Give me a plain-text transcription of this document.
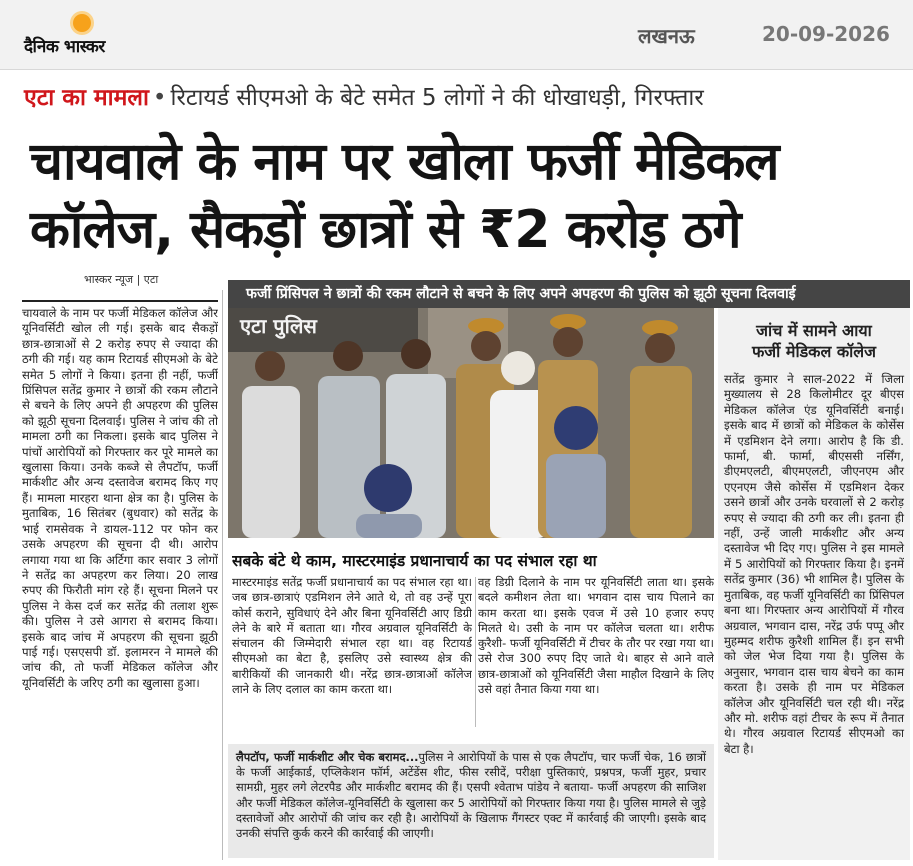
दैनिक भास्कर	लखनऊ	20-09-2026
एटा का मामला • रिटायर्ड सीएमओ के बेटे समेत 5 लोगों ने की धोखाधड़ी, गिरफ्तार
चायवाले के नाम पर खोला फर्जी मेडिकल
कॉलेज, सैकड़ों छात्रों से ₹2 करोड़ ठगे
भास्कर न्यूज | एटा

चायवाले के नाम पर फर्जी मेडिकल कॉलेज और यूनिवर्सिटी खोल ली गई। इसके बाद सैकड़ों छात्र-छात्राओं से 2 करोड़ रुपए से ज्यादा की ठगी की गई। यह काम रिटायर्ड सीएमओ के बेटे समेत 5 लोगों ने किया। इतना ही नहीं, फर्जी प्रिंसिपल सतेंद्र कुमार ने छात्रों की रकम लौटाने से बचने के लिए अपने ही अपहरण की पुलिस को झूठी सूचना दिलवाई। पुलिस ने जांच की तो मामला ठगी का निकला। इसके बाद पुलिस ने पांचों आरोपियों को गिरफ्तार कर पूरे मामले का खुलासा किया। उनके कब्जे से लैपटॉप, फर्जी मार्कशीट और अन्य दस्तावेज बरामद किए गए हैं। मामला मारहरा थाना क्षेत्र का है। पुलिस के मुताबिक, 16 सितंबर (बुधवार) को सतेंद्र के भाई रामसेवक ने डायल-112 पर फोन कर उसके अपहरण की सूचना दी थी। आरोप लगाया गया था कि अर्टिगा कार सवार 3 लोगों ने सतेंद्र का अपहरण कर लिया। 20 लाख रुपए की फिरौती मांग रहे हैं। सूचना मिलने पर पुलिस ने केस दर्ज कर सतेंद्र की तलाश शुरू की। पुलिस ने उसे आगरा से बरामद किया। इसके बाद जांच में अपहरण की सूचना झूठी पाई गई। एसएसपी डॉ. इलामरन ने मामले की जांच की, तो फर्जी मेडिकल कॉलेज और यूनिवर्सिटी के जरिए ठगी का खुलासा हुआ।

फर्जी प्रिंसिपल ने छात्रों की रकम लौटाने से बचने के लिए अपने अपहरण की पुलिस को झूठी सूचना दिलवाई
एटा पुलिस	जांच में सामने आया
फर्जी मेडिकल कॉलेज

सतेंद्र कुमार ने साल-2022 में जिला मुख्यालय से 28 किलोमीटर दूर बीएस मेडिकल कॉलेज एंड यूनिवर्सिटी बनाई। इसके बाद में छात्रों को मेडिकल के कोर्सेस में एडमिशन देने लगा। आरोप है कि डी. फार्मा, बी. फार्मा, बीएससी नर्सिंग, डीएमएलटी, बीएमएलटी, जीएनएम और एएनएम जैसे कोर्सेस में एडमिशन देकर उसने छात्रों और उनके घरवालों से 2 करोड़ रुपए से ज्यादा की ठगी कर ली। इतना ही नहीं, उन्हें जाली मार्कशीट और अन्य दस्तावेज भी दिए गए। पुलिस ने इस मामले में 5 आरोपियों को गिरफ्तार किया है। इनमें सतेंद्र कुमार (36) भी शामिल है। पुलिस के मुताबिक, वह फर्जी यूनिवर्सिटी का प्रिंसिपल बना था। गिरफ्तार अन्य आरोपियों में गौरव अग्रवाल, भगवान दास, नरेंद्र उर्फ पप्पू और मुहम्मद शरीफ कुरैशी शामिल हैं। इन सभी को जेल भेज दिया गया है। पुलिस के अनुसार, भगवान दास चाय बेचने का काम करता है। उसके ही नाम पर मेडिकल कॉलेज और यूनिवर्सिटी चल रही थी। नरेंद्र और मो. शरीफ वहां टीचर के रूप में तैनात थे। गौरव अग्रवाल रिटायर्ड सीएमओ का बेटा है।

सबके बंटे थे काम, मास्टरमाइंड प्रधानाचार्य का पद संभाल रहा था

मास्टरमाइंड सतेंद्र फर्जी प्रधानाचार्य का पद संभाल रहा था। जब छात्र-छात्राएं एडमिशन लेने आते थे, तो वह उन्हें पूरा कोर्स कराने, सुविधाएं देने और बिना यूनिवर्सिटी आए डिग्री लेने के बारे में बताता था। गौरव अग्रवाल यूनिवर्सिटी के संचालन की जिम्मेदारी संभाल रहा था। वह रिटायर्ड सीएमओ का बेटा है, इसलिए उसे स्वास्थ्य क्षेत्र की बारीकियों की जानकारी थी। नरेंद्र छात्र-छात्राओं कॉलेज लाने के लिए दलाल का काम करता था।

वह डिग्री दिलाने के नाम पर यूनिवर्सिटी लाता था। इसके बदले कमीशन लेता था। भगवान दास चाय पिलाने का काम करता था। इसके एवज में उसे 10 हजार रुपए मिलते थे। उसी के नाम पर कॉलेज चलता था। शरीफ कुरैशी- फर्जी यूनिवर्सिटी में टीचर के तौर पर रखा गया था। उसे रोज 300 रुपए दिए जाते थे। बाहर से आने वाले छात्र-छात्राओं को यूनिवर्सिटी जैसा माहौल दिखाने के लिए उसे वहां तैनात किया गया था।

लैपटॉप, फर्जी मार्कशीट और चेक बरामद...पुलिस ने आरोपियों के पास से एक लैपटॉप, चार फर्जी चेक, 16 छात्रों के फर्जी आईकार्ड, एप्लिकेशन फॉर्म, अटेंडेंस शीट, फीस रसीदें, परीक्षा पुस्तिकाएं, प्रश्नपत्र, फर्जी मुहर, प्रचार सामग्री, मुहर लगे लेटरपैड और मार्कशीट बरामद की हैं। एसपी श्वेताभ पांडेय ने बताया- फर्जी अपहरण की साजिश और फर्जी मेडिकल कॉलेज-यूनिवर्सिटी के खुलासा कर 5 आरोपियों को गिरफ्तार किया गया है। पुलिस मामले से जुड़े दस्तावेजों और आरोपों की जांच कर रही है। आरोपियों के खिलाफ गैंगस्टर एक्ट में कार्रवाई की जाएगी। इसके बाद उनकी संपत्ति कुर्क करने की कार्रवाई की जाएगी।
